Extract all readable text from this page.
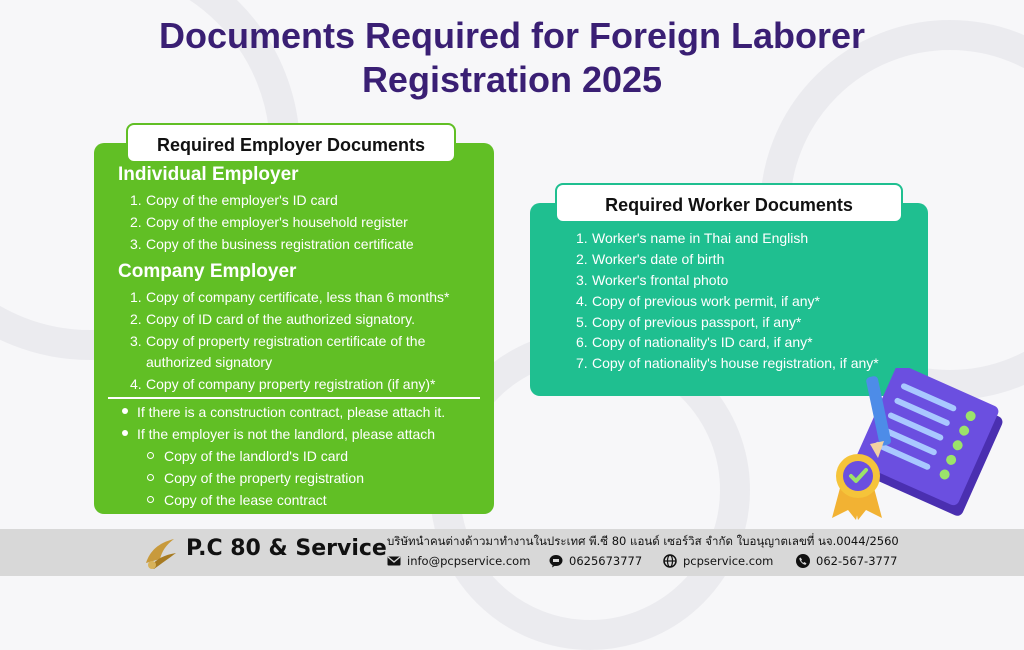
Documents Required for Foreign Laborer
Registration 2025
Required Employer Documents
Individual Employer
1. Copy of the employer's ID card
2. Copy of the employer's household register
3. Copy of the business registration certificate
Company Employer
1. Copy of company certificate, less than 6 months*
2. Copy of ID card of the authorized signatory.
3. Copy of property registration certificate of the
authorized signatory
4. Copy of company property registration (if any)*
If there is a construction contract, please attach it.
If the employer is not the landlord, please attach
Copy of the landlord's ID card
Copy of the property registration
Copy of the lease contract
Required Worker Documents
1. Worker's name in Thai and English
2. Worker's date of birth
3. Worker's frontal photo
4. Copy of previous work permit, if any*
5. Copy of previous passport, if any*
6. Copy of nationality's ID card, if any*
7. Copy of nationality's house registration, if any*
P.C 80 & Service บริษัทนำคนต่างด้าวมาทำงานในประเทศ พี.ซี 80 แอนด์ เซอร์วิส จำกัด ใบอนุญาตเลขที่ นจ.0044/2560
info@pcpservice.com	0625673777	pcpservice.com	062-567-3777
